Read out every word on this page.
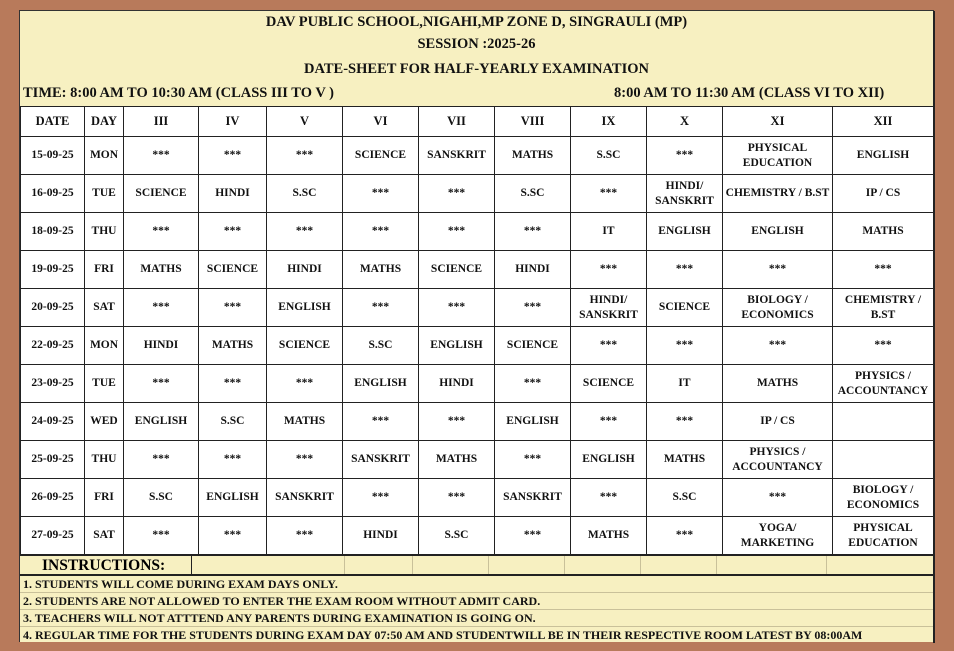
DAV PUBLIC SCHOOL,NIGAHI,MP ZONE D, SINGRAULI (MP)
SESSION :2025-26
DATE-SHEET FOR HALF-YEARLY EXAMINATION
TIME: 8:00 AM TO 10:30 AM (CLASS III TO V )	8:00 AM TO 11:30 AM (CLASS VI TO XII)
DATE	DAY	III	IV	V	VI	VII	VIII	IX	X	XI	XII
15-09-25	MON	***	***	***	SCIENCE	SANSKRIT	MATHS	S.SC	***	PHYSICAL EDUCATION	ENGLISH
16-09-25	TUE	SCIENCE	HINDI	S.SC	***	***	S.SC	***	HINDI/ SANSKRIT	CHEMISTRY / B.ST	IP / CS
18-09-25	THU	***	***	***	***	***	***	IT	ENGLISH	ENGLISH	MATHS
19-09-25	FRI	MATHS	SCIENCE	HINDI	MATHS	SCIENCE	HINDI	***	***	***	***
20-09-25	SAT	***	***	ENGLISH	***	***	***	HINDI/ SANSKRIT	SCIENCE	BIOLOGY / ECONOMICS	CHEMISTRY / B.ST
22-09-25	MON	HINDI	MATHS	SCIENCE	S.SC	ENGLISH	SCIENCE	***	***	***	***
23-09-25	TUE	***	***	***	ENGLISH	HINDI	***	SCIENCE	IT	MATHS	PHYSICS / ACCOUNTANCY
24-09-25	WED	ENGLISH	S.SC	MATHS	***	***	ENGLISH	***	***	IP / CS	
25-09-25	THU	***	***	***	SANSKRIT	MATHS	***	ENGLISH	MATHS	PHYSICS / ACCOUNTANCY	
26-09-25	FRI	S.SC	ENGLISH	SANSKRIT	***	***	SANSKRIT	***	S.SC	***	BIOLOGY / ECONOMICS
27-09-25	SAT	***	***	***	HINDI	S.SC	***	MATHS	***	YOGA/ MARKETING	PHYSICAL EDUCATION
INSTRUCTIONS:
1. STUDENTS WILL COME DURING EXAM DAYS ONLY.
2. STUDENTS ARE NOT ALLOWED TO ENTER THE EXAM ROOM WITHOUT ADMIT CARD.
3. TEACHERS WILL NOT ATTTEND ANY PARENTS DURING EXAMINATION IS GOING ON.
4. REGULAR TIME FOR THE STUDENTS DURING EXAM DAY 07:50 AM AND STUDENTWILL BE IN THEIR RESPECTIVE ROOM LATEST BY 08:00AM
